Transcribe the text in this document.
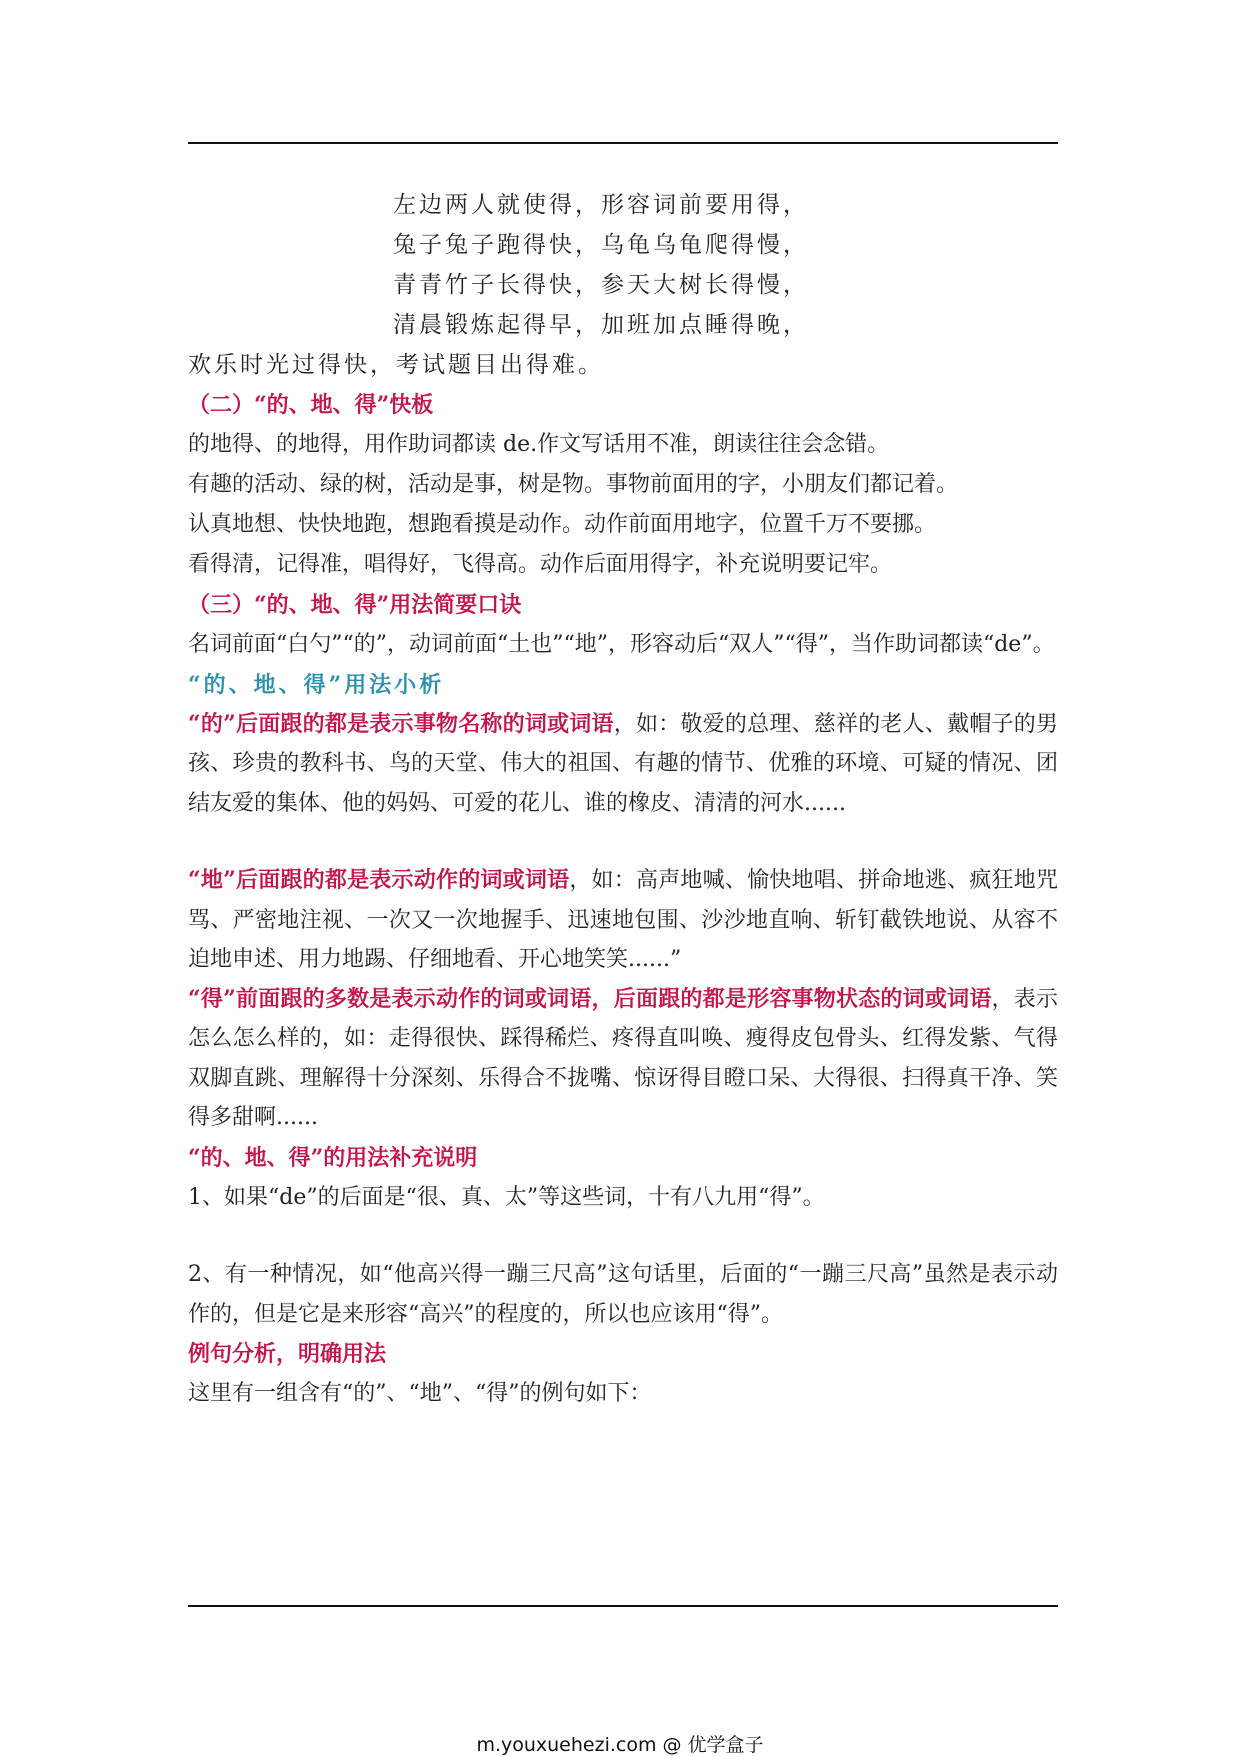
左边两人就使得，形容词前要用得，
兔子兔子跑得快，乌龟乌龟爬得慢，
青青竹子长得快，参天大树长得慢，
清晨锻炼起得早，加班加点睡得晚，
欢乐时光过得快，考试题目出得难。
（二）“的、地、得”快板

的地得、的地得，用作助词都读 de.作文写话用不准，朗读往往会念错。

有趣的活动、绿的树，活动是事，树是物。事物前面用的字，小朋友们都记着。

认真地想、快快地跑，想跑看摸是动作。动作前面用地字，位置千万不要挪。

看得清，记得准，唱得好，飞得高。动作后面用得字，补充说明要记牢。

（三）“的、地、得”用法简要口诀

名词前面“白勺”“的”，动词前面“土也”“地”，形容动后“双人”“得”，当作助词都读“de”。

“的、地、得”用法小析

“的”后面跟的都是表示事物名称的词或词语，如：敬爱的总理、慈祥的老人、戴帽子的男孩、珍贵的教科书、鸟的天堂、伟大的祖国、有趣的情节、优雅的环境、可疑的情况、团结友爱的集体、他的妈妈、可爱的花儿、谁的橡皮、清清的河水......

“地”后面跟的都是表示动作的词或词语，如：高声地喊、愉快地唱、拼命地逃、疯狂地咒骂、严密地注视、一次又一次地握手、迅速地包围、沙沙地直响、斩钉截铁地说、从容不迫地申述、用力地踢、仔细地看、开心地笑笑......”

“得”前面跟的多数是表示动作的词或词语，后面跟的都是形容事物状态的词或词语，表示怎么怎么样的，如：走得很快、踩得稀烂、疼得直叫唤、瘦得皮包骨头、红得发紫、气得双脚直跳、理解得十分深刻、乐得合不拢嘴、惊讶得目瞪口呆、大得很、扫得真干净、笑得多甜啊......

“的、地、得”的用法补充说明

1、如果“de”的后面是“很、真、太”等这些词，十有八九用“得”。

2、有一种情况，如“他高兴得一蹦三尺高”这句话里，后面的“一蹦三尺高”虽然是表示动作的，但是它是来形容“高兴”的程度的，所以也应该用“得”。

例句分析，明确用法

这里有一组含有“的”、“地”、“得”的例句如下：

m.youxuehezi.com @ 优学盒子
